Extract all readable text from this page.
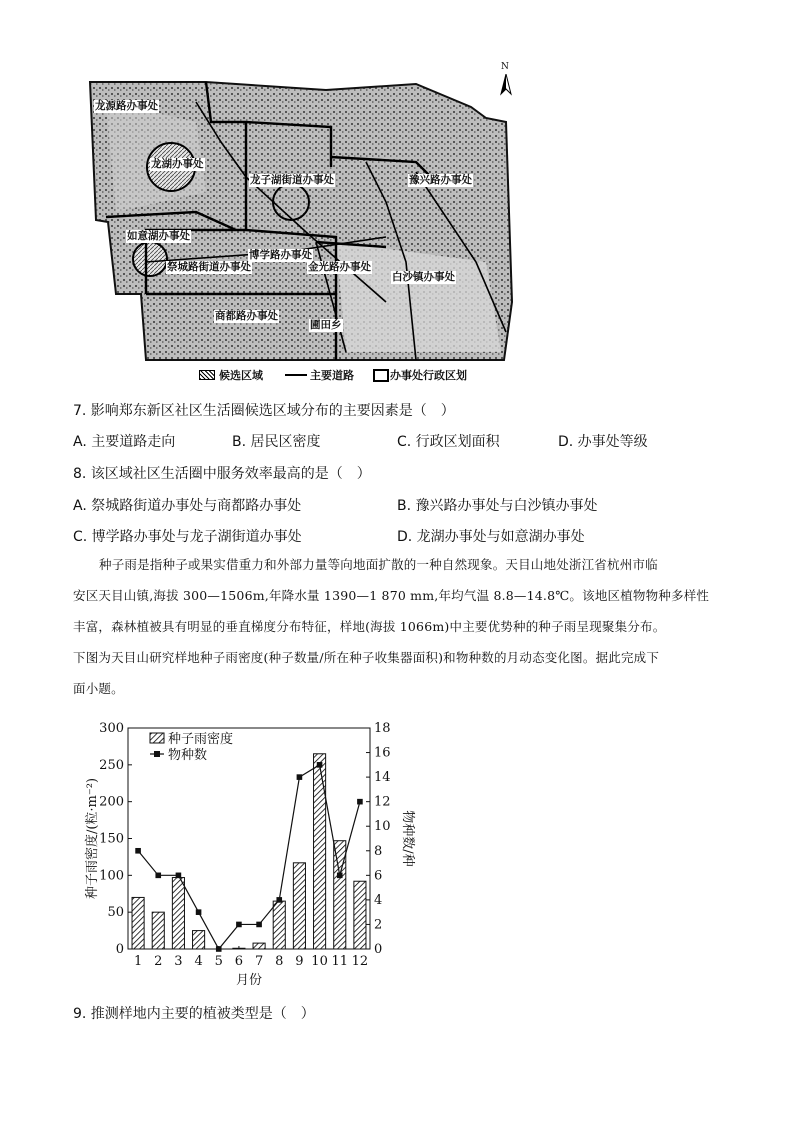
N
龙源路办事处
龙湖办事处
龙子湖街道办事处	豫兴路办事处
如意湖办事处
博学路办事处
祭城路街道办事处	金光路办事处
白沙镇办事处
商都路办事处
圃田乡
候选区域	主要道路	办事处行政区划
7. 影响郑东新区社区生活圈候选区域分布的主要因素是（　）
A. 主要道路走向	B. 居民区密度	C. 行政区划面积	D. 办事处等级
8. 该区域社区生活圈中服务效率最高的是（　）
A. 祭城路街道办事处与商都路办事处	B. 豫兴路办事处与白沙镇办事处
C. 博学路办事处与龙子湖街道办事处	D. 龙湖办事处与如意湖办事处
种子雨是指种子或果实借重力和外部力量等向地面扩散的一种自然现象。天目山地处浙江省杭州市临
安区天目山镇,海拔 300—1506m,年降水量 1390—1 870 mm,年均气温 8.8—14.8℃。该地区植物物种多样性
丰富，森林植被具有明显的垂直梯度分布特征，样地(海拔 1066m)中主要优势种的种子雨呈现聚集分布。
下图为天目山研究样地种子雨密度(种子数量/所在种子收集器面积)和物种数的月动态变化图。据此完成下
面小题。
0
50
100
150
200
250
300
0
2
4
6
8
10
12
14
16
18
1 2 3 4 5 6 7 8 9 10 11 12
月份
种子雨密度/(粒·m⁻²)	物种数/种
种子雨密度
物种数
9. 推测样地内主要的植被类型是（　）
